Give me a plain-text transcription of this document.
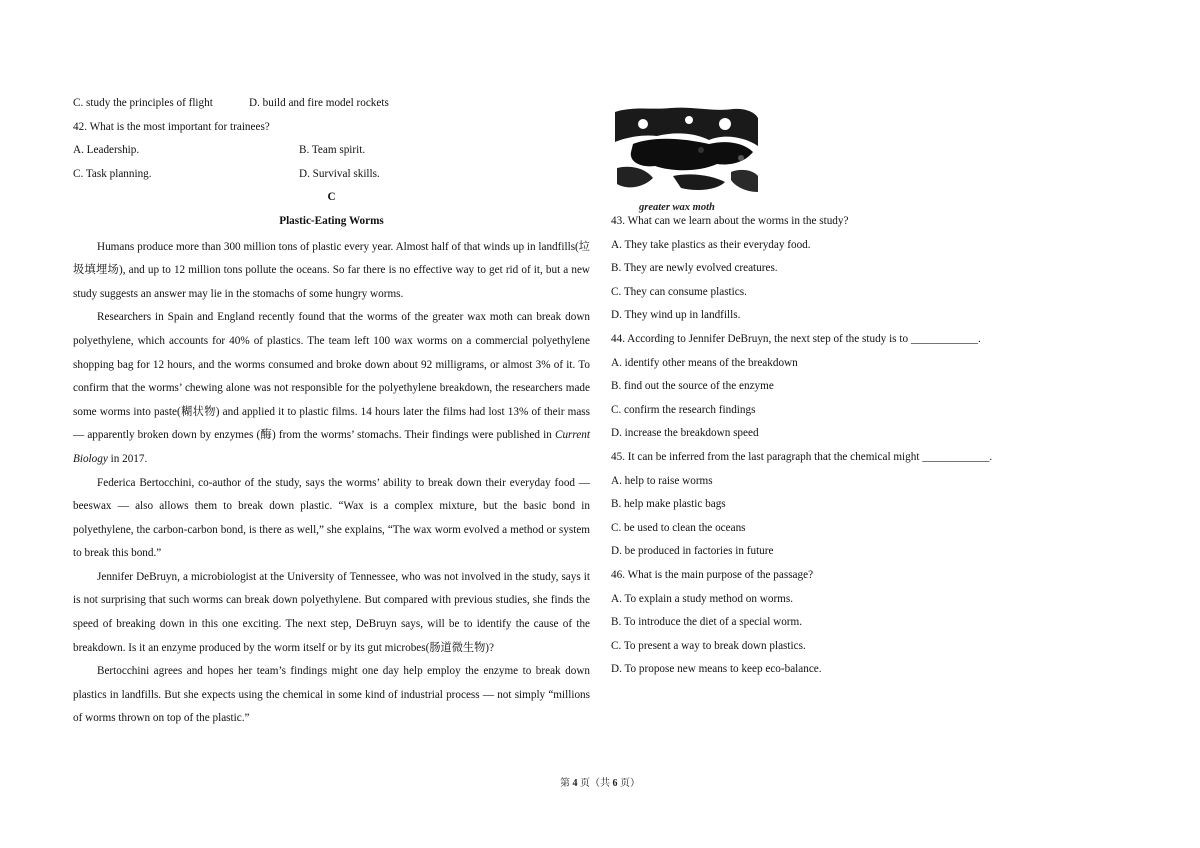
C. study the principles of flight	D. build and fire model rockets
42. What is the most important for trainees?
A. Leadership.	B. Team spirit.
C. Task planning.	D. Survival skills.
C
Plastic-Eating Worms

Humans produce more than 300 million tons of plastic every year. Almost half of that winds up in landfills(垃圾填埋场), and up to 12 million tons pollute the oceans. So far there is no effective way to get rid of it, but a new study suggests an answer may lie in the stomachs of some hungry worms.

Researchers in Spain and England recently found that the worms of the greater wax moth can break down polyethylene, which accounts for 40% of plastics. The team left 100 wax worms on a commercial polyethylene shopping bag for 12 hours, and the worms consumed and broke down about 92 milligrams, or almost 3% of it. To confirm that the worms’ chewing alone was not responsible for the polyethylene breakdown, the researchers made some worms into paste(糊状物) and applied it to plastic films. 14 hours later the films had lost 13% of their mass — apparently broken down by enzymes (酶) from the worms’ stomachs. Their findings were published in Current Biology in 2017.

Federica Bertocchini, co-author of the study, says the worms’ ability to break down their everyday food — beeswax — also allows them to break down plastic. “Wax is a complex mixture, but the basic bond in polyethylene, the carbon-carbon bond, is there as well,” she explains, “The wax worm evolved a method or system to break this bond.”

Jennifer DeBruyn, a microbiologist at the University of Tennessee, who was not involved in the study, says it is not surprising that such worms can break down polyethylene. But compared with previous studies, she finds the speed of breaking down in this one exciting. The next step, DeBruyn says, will be to identify the cause of the breakdown. Is it an enzyme produced by the worm itself or by its gut microbes(肠道微生物)?

Bertocchini agrees and hopes her team’s findings might one day help employ the enzyme to break down plastics in landfills. But she expects using the chemical in some kind of industrial process — not simply “millions of worms thrown on top of the plastic.”

greater wax moth
43. What can we learn about the worms in the study?
A. They take plastics as their everyday food.
B. They are newly evolved creatures.
C. They can consume plastics.
D. They wind up in landfills.
44. According to Jennifer DeBruyn, the next step of the study is to ____________.
A. identify other means of the breakdown
B. find out the source of the enzyme
C. confirm the research findings
D. increase the breakdown speed
45. It can be inferred from the last paragraph that the chemical might ____________.
A. help to raise worms
B. help make plastic bags
C. be used to clean the oceans
D. be produced in factories in future
46. What is the main purpose of the passage?
A. To explain a study method on worms.
B. To introduce the diet of a special worm.
C. To present a way to break down plastics.
D. To propose new means to keep eco-balance.
第 4 页（共 6 页）
